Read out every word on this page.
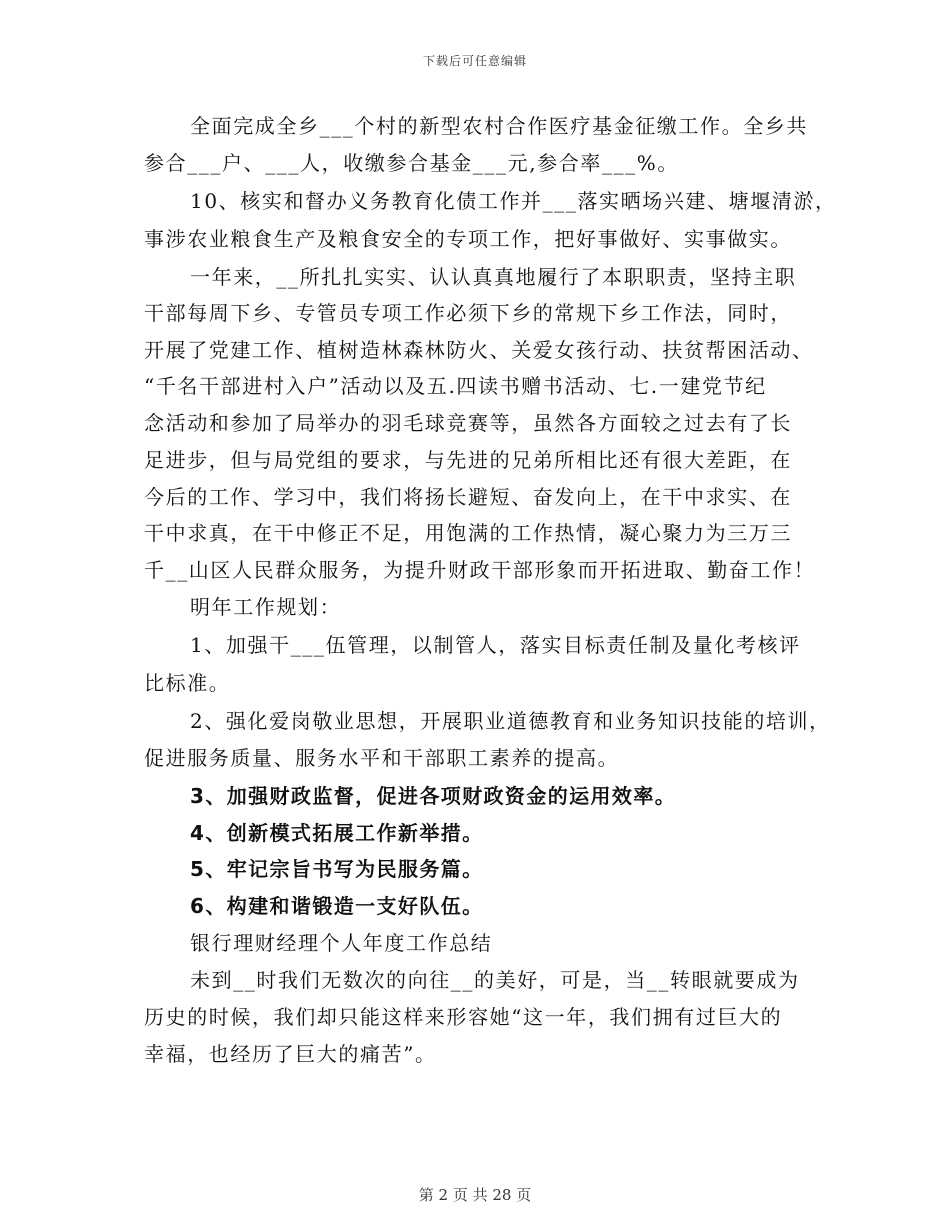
下载后可任意编辑
全面完成全乡___个村的新型农村合作医疗基金征缴工作。全乡共
参合___户、___人，收缴参合基金___元,参合率___%。
10、核实和督办义务教育化债工作并___落实晒场兴建、塘堰清淤，
事涉农业粮食生产及粮食安全的专项工作，把好事做好、实事做实。
一年来，__所扎扎实实、认认真真地履行了本职职责，坚持主职
干部每周下乡、专管员专项工作必须下乡的常规下乡工作法，同时，
开展了党建工作、植树造林森林防火、关爱女孩行动、扶贫帮困活动、
“千名干部进村入户”活动以及五.四读书赠书活动、七.一建党节纪
念活动和参加了局举办的羽毛球竞赛等，虽然各方面较之过去有了长
足进步，但与局党组的要求，与先进的兄弟所相比还有很大差距，在
今后的工作、学习中，我们将扬长避短、奋发向上，在干中求实、在
干中求真，在干中修正不足，用饱满的工作热情，凝心聚力为三万三
千__山区人民群众服务，为提升财政干部形象而开拓进取、勤奋工作！
明年工作规划：
1、加强干___伍管理，以制管人，落实目标责任制及量化考核评
比标准。
2、强化爱岗敬业思想，开展职业道德教育和业务知识技能的培训，
促进服务质量、服务水平和干部职工素养的提高。
3、加强财政监督，促进各项财政资金的运用效率。
4、创新模式拓展工作新举措。
5、牢记宗旨书写为民服务篇。
6、构建和谐锻造一支好队伍。
银行理财经理个人年度工作总结
未到__时我们无数次的向往__的美好，可是，当__转眼就要成为
历史的时候，我们却只能这样来形容她“这一年，我们拥有过巨大的
幸福，也经历了巨大的痛苦”。
第 2 页 共 28 页
